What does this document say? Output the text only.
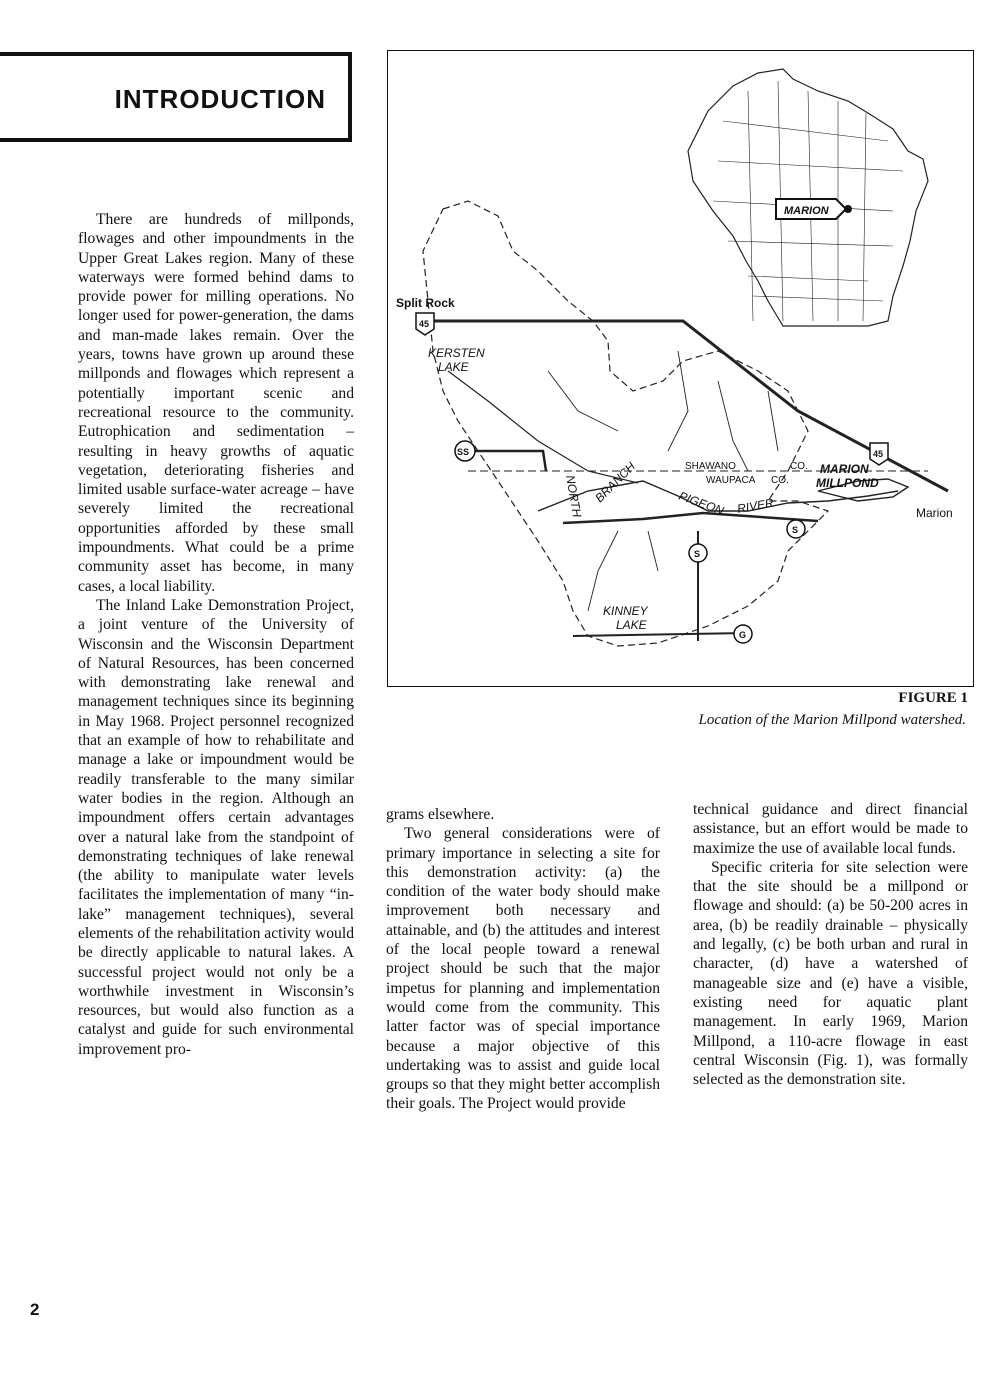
INTRODUCTION

There are hundreds of millponds, flowages and other impoundments in the Upper Great Lakes region. Many of these waterways were formed behind dams to provide power for milling operations. No longer used for power-generation, the dams and man-made lakes remain. Over the years, towns have grown up around these millponds and flowages which represent a potentially important scenic and recreational resource to the community. Eutrophication and sedimentation – resulting in heavy growths of aquatic vegetation, deteriorating fisheries and limited usable surface-water acreage – have severely limited the recreational opportunities afforded by these small impoundments. What could be a prime community asset has become, in many cases, a local liability.

The Inland Lake Demonstration Project, a joint venture of the University of Wisconsin and the Wisconsin Department of Natural Resources, has been concerned with demonstrating lake renewal and management techniques since its beginning in May 1968. Project personnel recognized that an example of how to rehabilitate and manage a lake or impoundment would be readily transferable to the many similar water bodies in the region. Although an impoundment offers certain advantages over a natural lake from the standpoint of demonstrating techniques of lake renewal (the ability to manipulate water levels facilitates the implementation of many “in-lake” management techniques), several elements of the rehabilitation activity would be directly applicable to natural lakes. A successful project would not only be a worthwhile investment in Wisconsin’s resources, but would also function as a catalyst and guide for such environmental improvement pro-

Split Rock
45
45
KERSTEN
LAKE
SS
NORTH BRANCH	SHAWANO
WAUPACA
CO.
CO.
MARION
MILLPOND
PIGEON RIVER
S
S
Marion
KINNEY
LAKE
G
MARION
FIGURE 1
Location of the Marion Millpond watershed.

grams elsewhere.

Two general considerations were of primary importance in selecting a site for this demonstration activity: (a) the condition of the water body should make improvement both necessary and attainable, and (b) the attitudes and interest of the local people toward a renewal project should be such that the major impetus for planning and implementation would come from the community. This latter factor was of special importance because a major objective of this undertaking was to assist and guide local groups so that they might better accomplish their goals. The Project would provide

technical guidance and direct financial assistance, but an effort would be made to maximize the use of available local funds.

Specific criteria for site selection were that the site should be a millpond or flowage and should: (a) be 50-200 acres in area, (b) be readily drainable – physically and legally, (c) be both urban and rural in character, (d) have a watershed of manageable size and (e) have a visible, existing need for aquatic plant management. In early 1969, Marion Millpond, a 110-acre flowage in east central Wisconsin (Fig. 1), was formally selected as the demonstration site.

2
